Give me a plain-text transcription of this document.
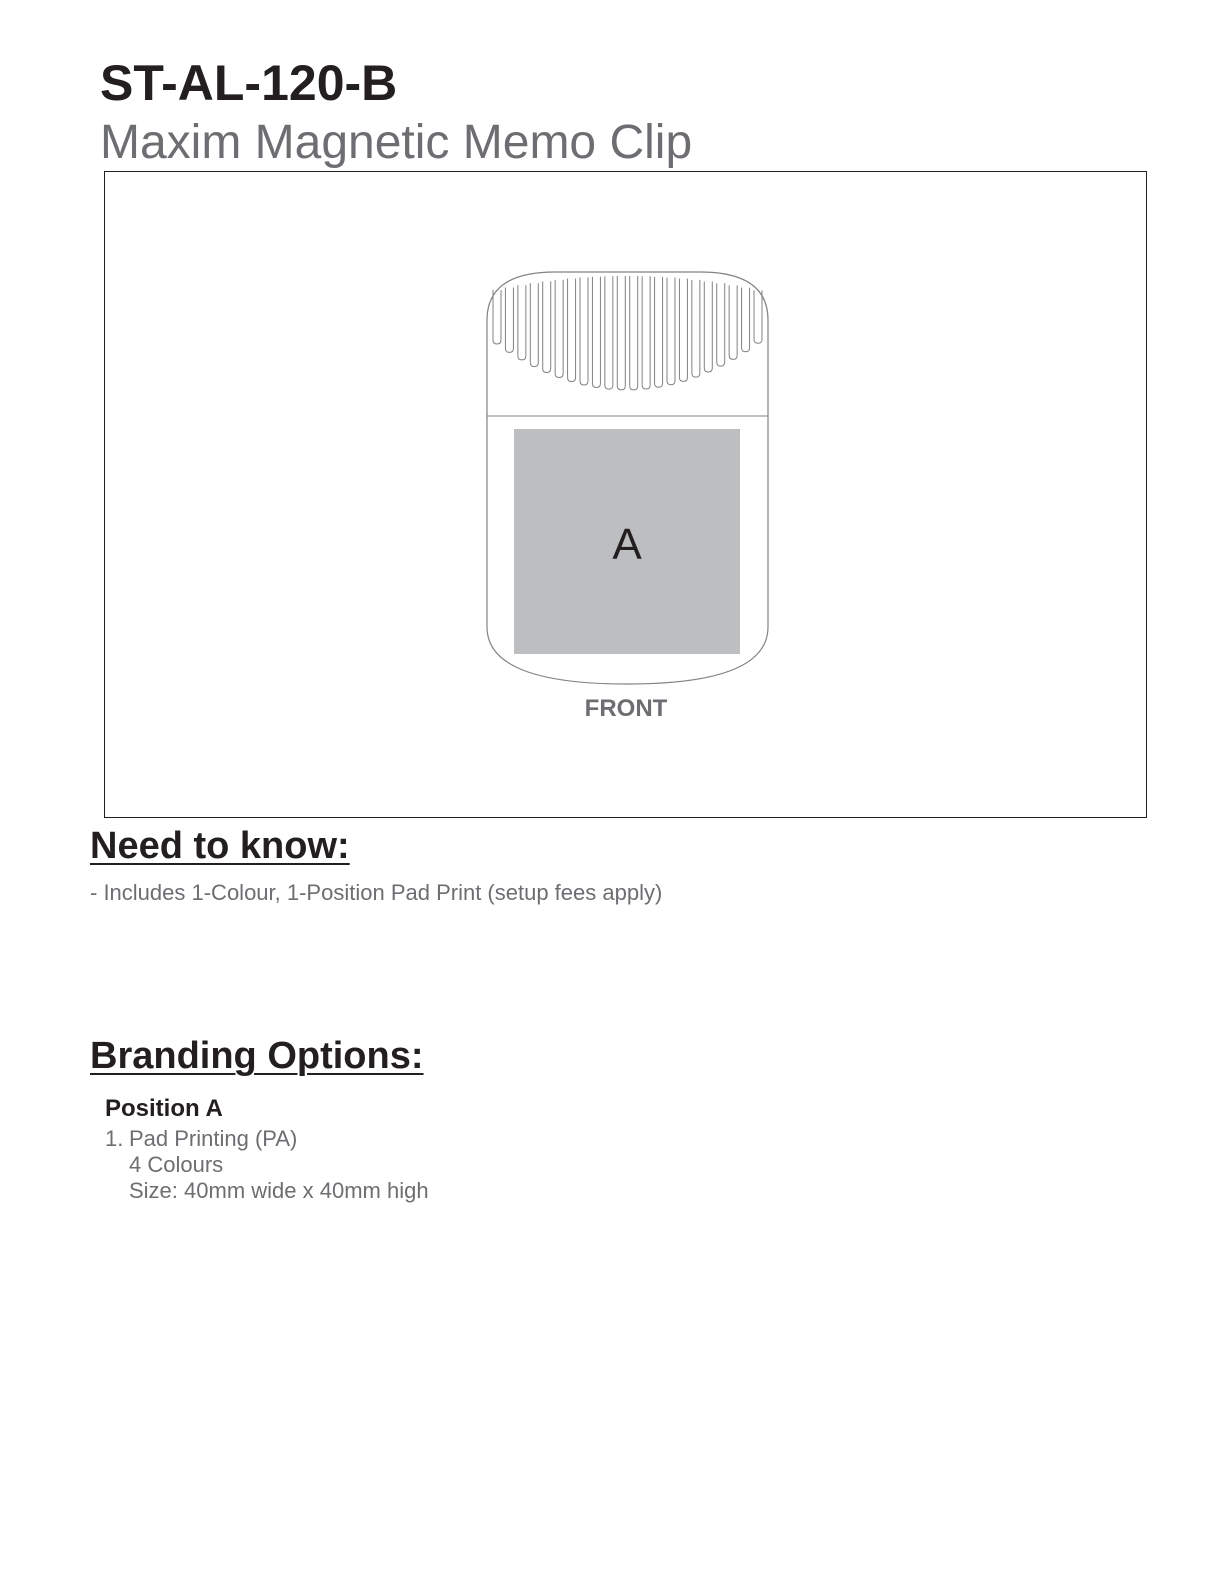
ST-AL-120-B
Maxim Magnetic Memo Clip
A
FRONT
Need to know:

- Includes 1-Colour, 1-Position Pad Print (setup fees apply)

Branding Options:

Position A

1. Pad Printing (PA)
4 Colours
Size: 40mm wide x 40mm high
